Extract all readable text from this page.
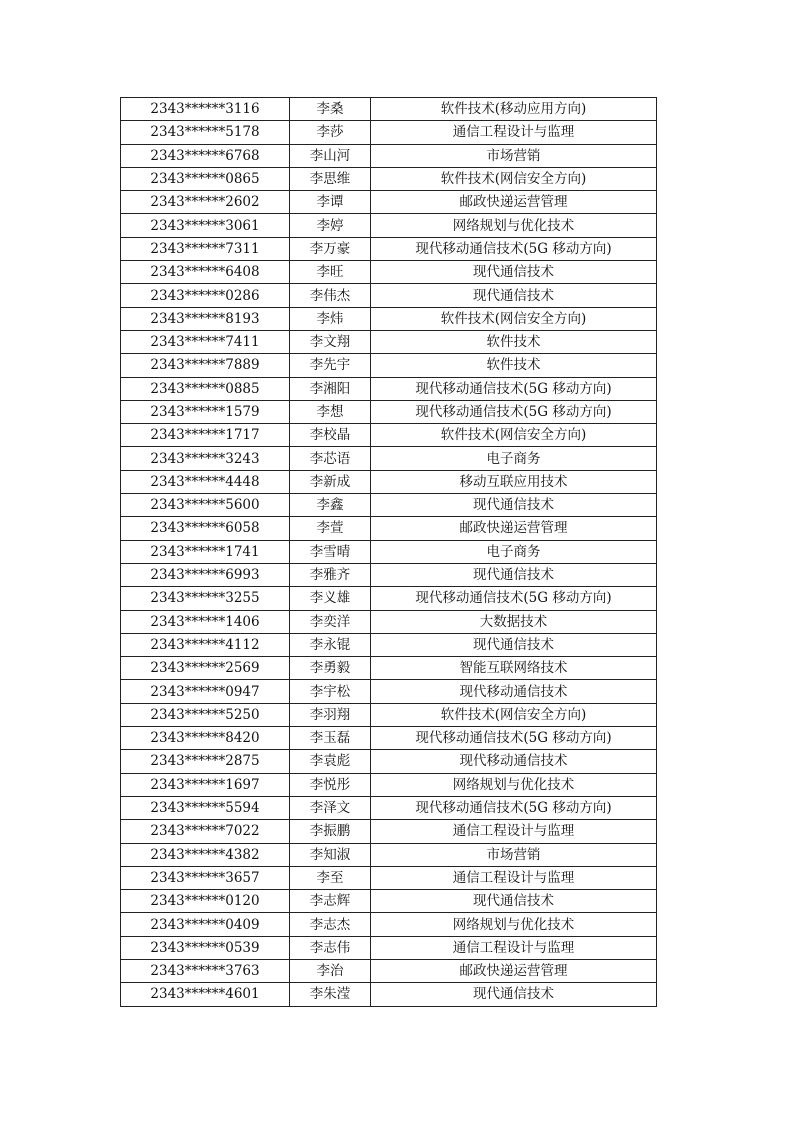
2343******3116	李桑	软件技术(移动应用方向)
2343******5178	李莎	通信工程设计与监理
2343******6768	李山河	市场营销
2343******0865	李思维	软件技术(网信安全方向)
2343******2602	李谭	邮政快递运营管理
2343******3061	李婷	网络规划与优化技术
2343******7311	李万豪	现代移动通信技术(5G 移动方向)
2343******6408	李旺	现代通信技术
2343******0286	李伟杰	现代通信技术
2343******8193	李炜	软件技术(网信安全方向)
2343******7411	李文翔	软件技术
2343******7889	李先宇	软件技术
2343******0885	李湘阳	现代移动通信技术(5G 移动方向)
2343******1579	李想	现代移动通信技术(5G 移动方向)
2343******1717	李校晶	软件技术(网信安全方向)
2343******3243	李芯语	电子商务
2343******4448	李新成	移动互联应用技术
2343******5600	李鑫	现代通信技术
2343******6058	李萱	邮政快递运营管理
2343******1741	李雪晴	电子商务
2343******6993	李雅齐	现代通信技术
2343******3255	李义雄	现代移动通信技术(5G 移动方向)
2343******1406	李奕洋	大数据技术
2343******4112	李永锟	现代通信技术
2343******2569	李勇毅	智能互联网络技术
2343******0947	李宇松	现代移动通信技术
2343******5250	李羽翔	软件技术(网信安全方向)
2343******8420	李玉磊	现代移动通信技术(5G 移动方向)
2343******2875	李袁彪	现代移动通信技术
2343******1697	李悦彤	网络规划与优化技术
2343******5594	李泽文	现代移动通信技术(5G 移动方向)
2343******7022	李振鹏	通信工程设计与监理
2343******4382	李知淑	市场营销
2343******3657	李至	通信工程设计与监理
2343******0120	李志辉	现代通信技术
2343******0409	李志杰	网络规划与优化技术
2343******0539	李志伟	通信工程设计与监理
2343******3763	李治	邮政快递运营管理
2343******4601	李朱滢	现代通信技术
